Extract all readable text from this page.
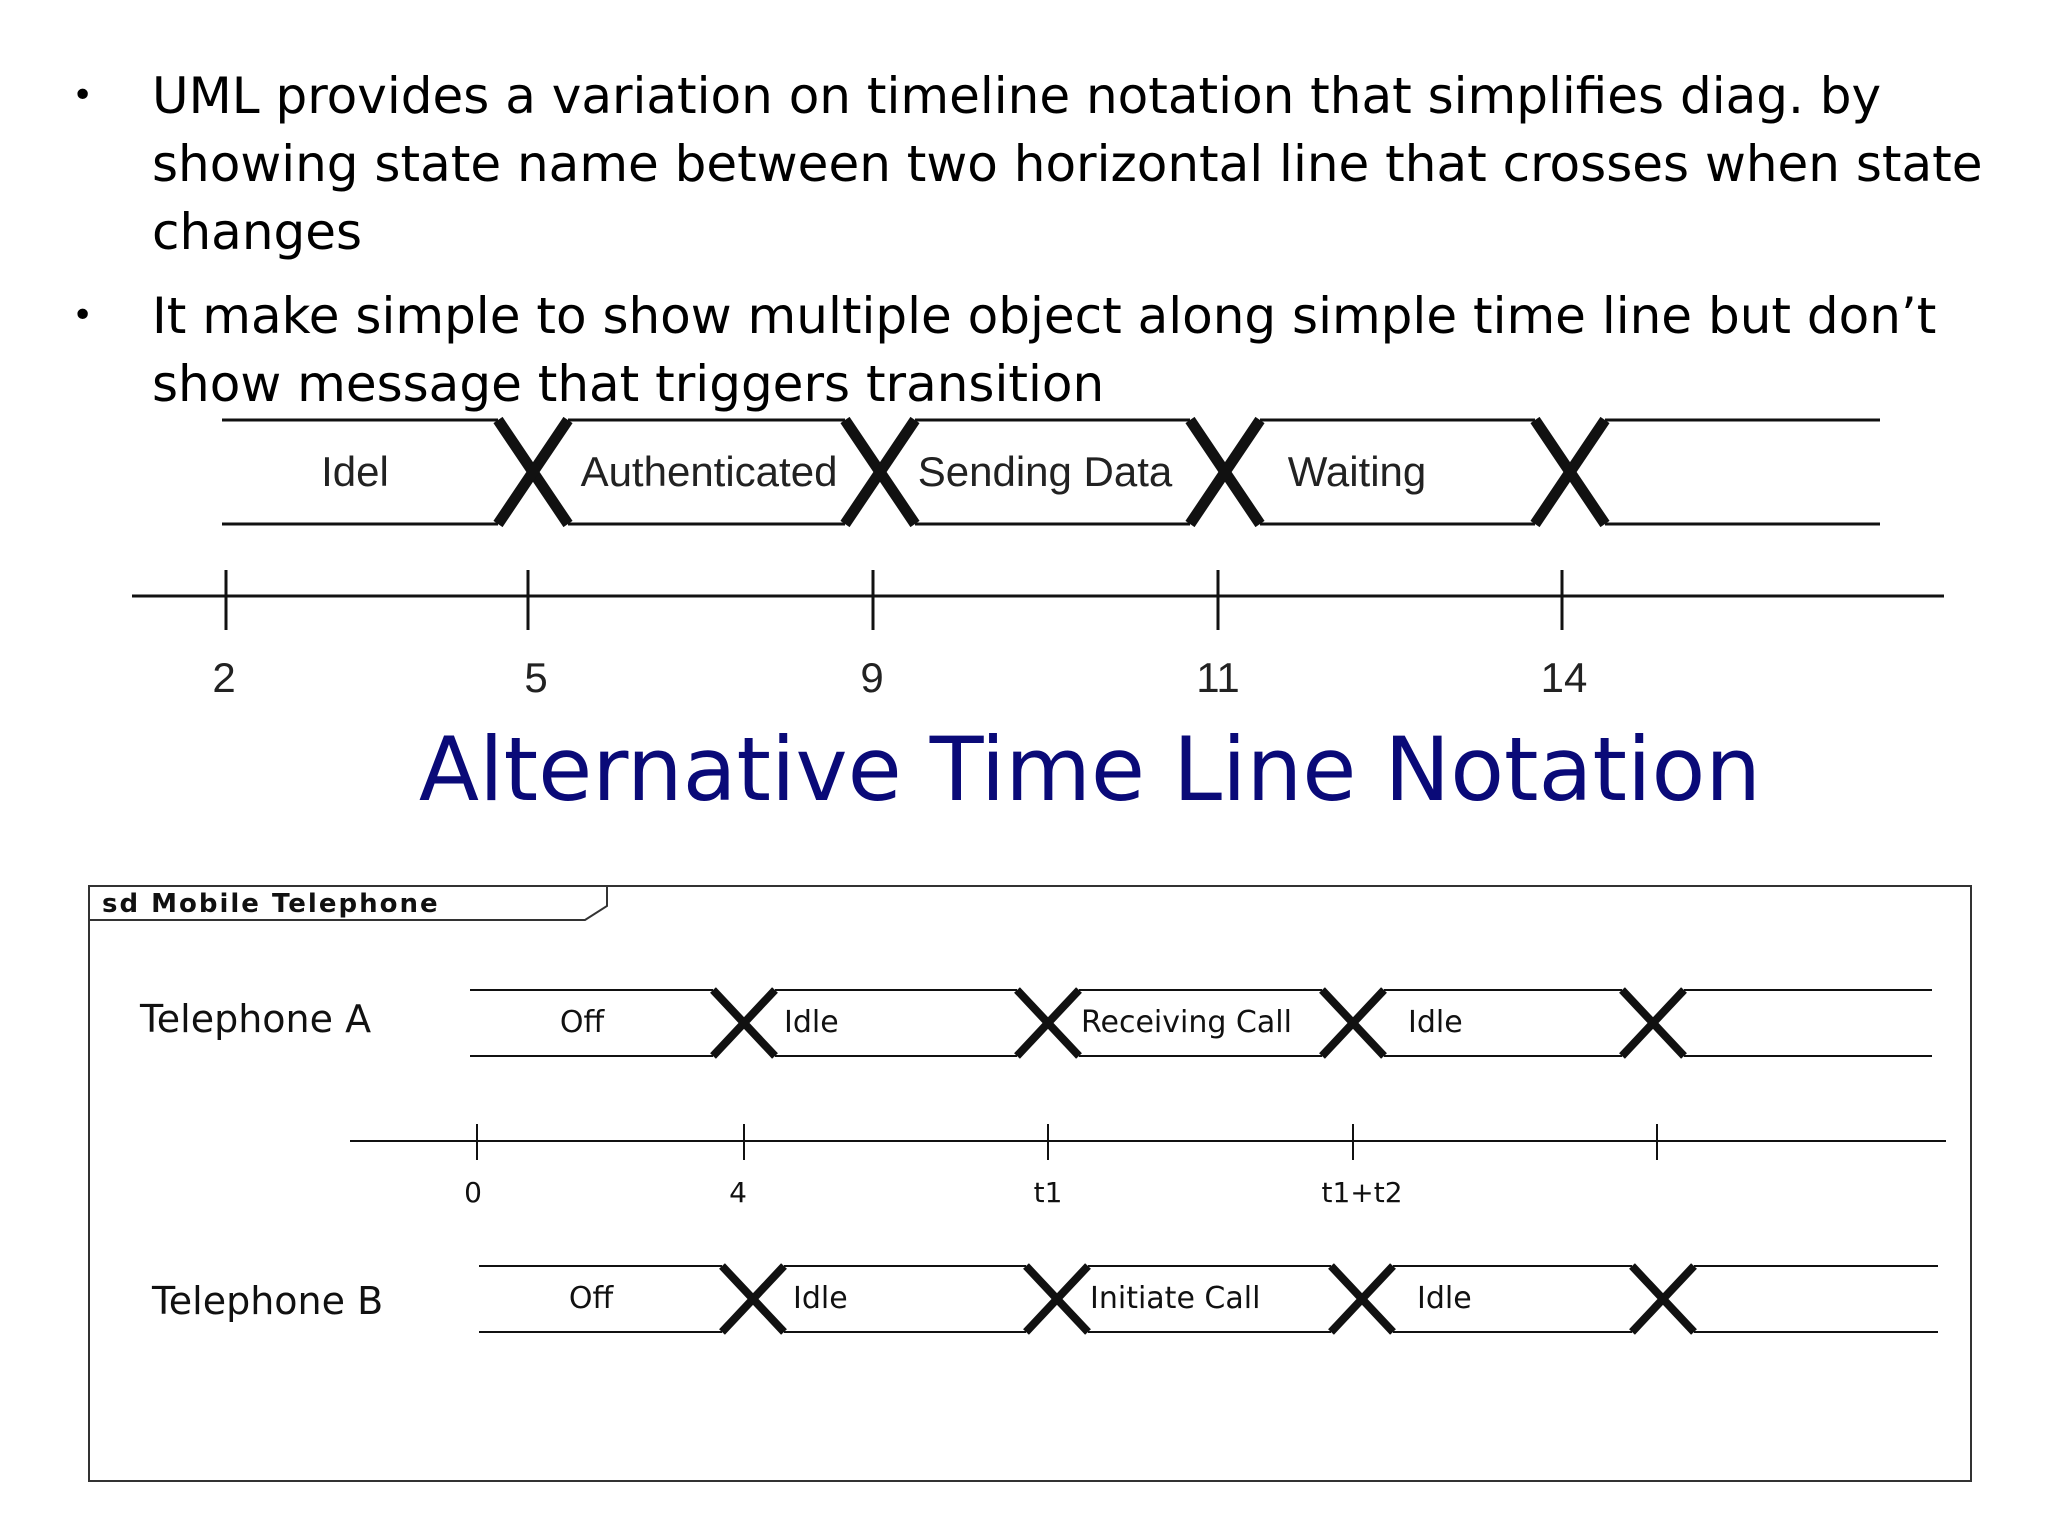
•	UML provides a variation on timeline notation that simplifies diag. by showing state name between two horizontal line that crosses when state changes
•	It make simple to show multiple object along simple time line but don’t show message that triggers transition
Idel	Authenticated Sending Data	Waiting
2	5	9	11	14
Alternative Time Line Notation
sd Mobile Telephone
Telephone A	Off	Idle	Receiving Call	Idle
0	4	t1	t1+t2
Telephone B	Off	Idle	Initiate Call	Idle
